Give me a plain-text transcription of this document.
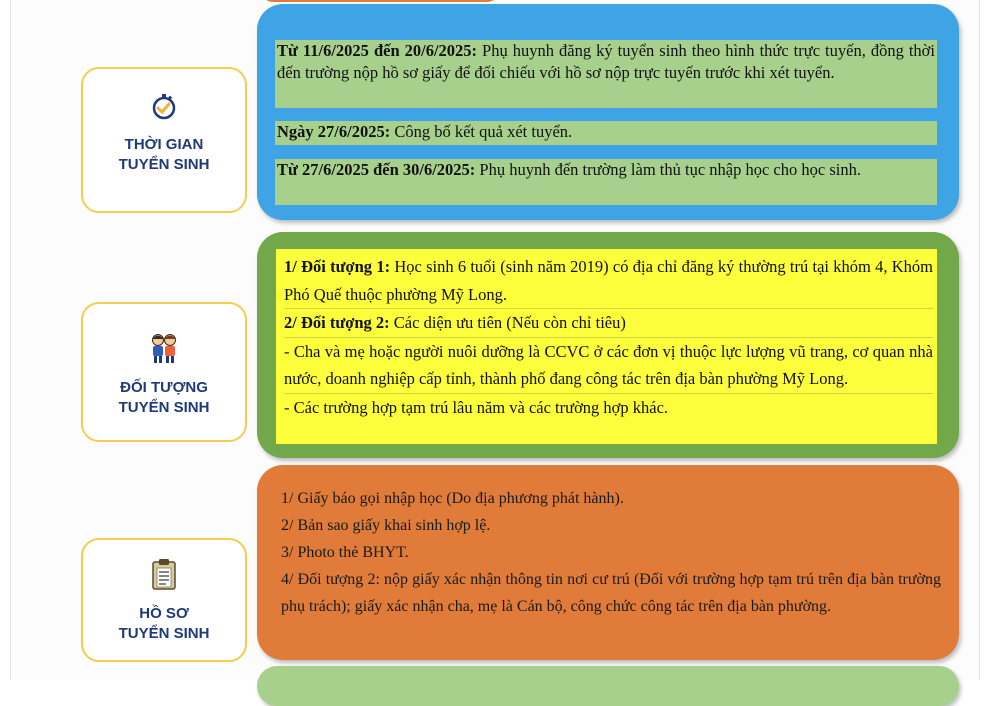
THỜI GIAN
TUYỂN SINH
Từ 11/6/2025 đến 20/6/2025: Phụ huynh đăng ký tuyển sinh theo hình thức trực tuyến, đồng thời đến trường nộp hồ sơ giấy để đối chiếu với hồ sơ nộp trực tuyến trước khi xét tuyển.
Ngày 27/6/2025: Công bố kết quả xét tuyển.
Từ 27/6/2025 đến 30/6/2025: Phụ huynh đến trường làm thủ tục nhập học cho học sinh.
ĐỐI TƯỢNG
TUYỂN SINH
1/ Đối tượng 1: Học sinh 6 tuổi (sinh năm 2019) có địa chỉ đăng ký thường trú tại khóm 4, Khóm Phó Quế thuộc phường Mỹ Long.
2/ Đối tượng 2: Các diện ưu tiên (Nếu còn chỉ tiêu)
- Cha và mẹ hoặc người nuôi dưỡng là CCVC ở các đơn vị thuộc lực lượng vũ trang, cơ quan nhà nước, doanh nghiệp cấp tỉnh, thành phố đang công tác trên địa bàn phường Mỹ Long.
- Các trường hợp tạm trú lâu năm và các trường hợp khác.
HỒ SƠ
TUYỂN SINH
1/ Giấy báo gọi nhập học (Do địa phương phát hành).
2/ Bản sao giấy khai sinh hợp lệ.
3/ Photo thẻ BHYT.
4/ Đối tượng 2: nộp giấy xác nhận thông tin nơi cư trú (Đối với trường hợp tạm trú trên địa bàn trường phụ trách); giấy xác nhận cha, mẹ là Cán bộ, công chức công tác trên địa bàn phường.
